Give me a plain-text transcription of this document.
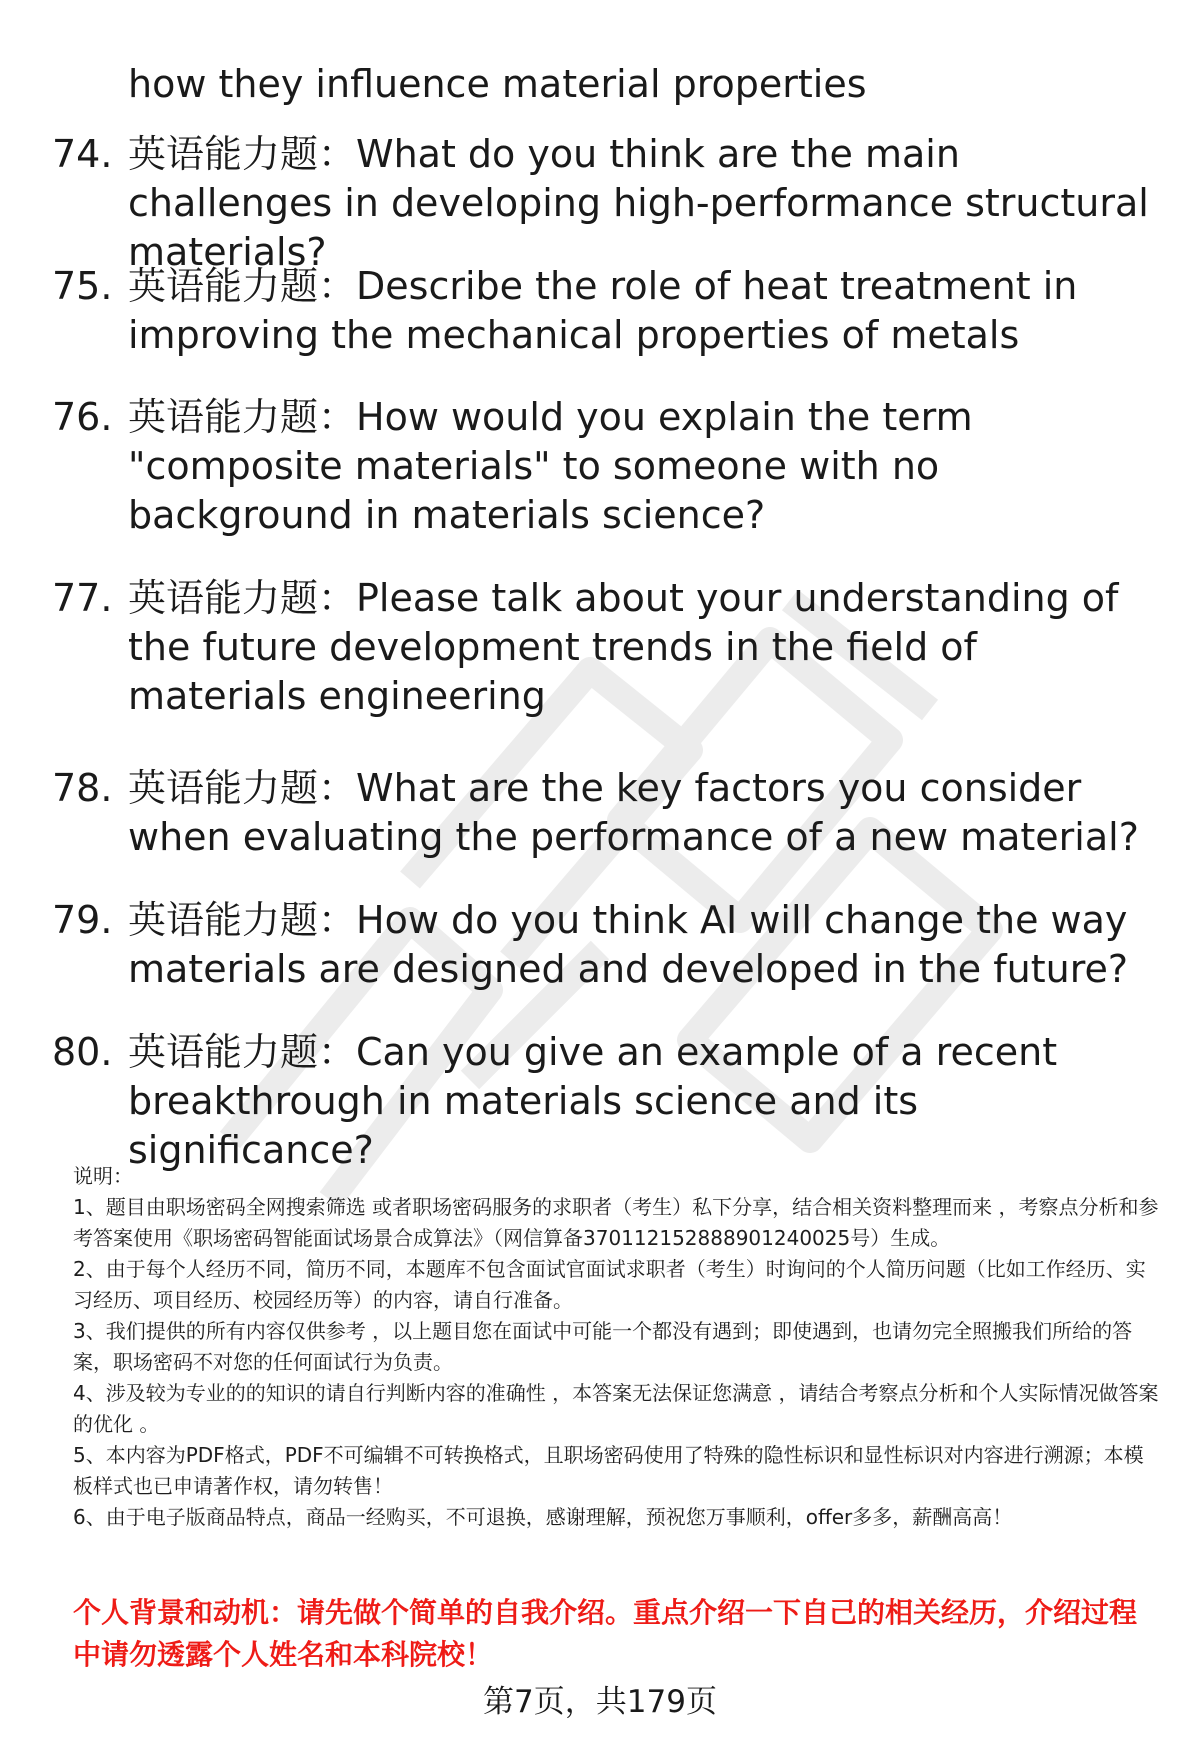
how they influence material properties
74. 英语能力题：What do you think are the main challenges in developing high-performance structural materials?
75. 英语能力题：Describe the role of heat treatment in improving the mechanical properties of metals
76. 英语能力题：How would you explain the term "composite materials" to someone with no background in materials science?
77. 英语能力题：Please talk about your understanding of the future development trends in the field of materials engineering
78. 英语能力题：What are the key factors you consider when evaluating the performance of a new material?
79. 英语能力题：How do you think AI will change the way materials are designed and developed in the future?
80. 英语能力题：Can you give an example of a recent breakthrough in materials science and its significance?
说明：
1、题目由职场密码全网搜索筛选 或者职场密码服务的求职者（考生）私下分享，结合相关资料整理而来 ，考察点分析和参考答案使用《职场密码智能面试场景合成算法》（网信算备370112152888901240025号）生成。
2、由于每个人经历不同，简历不同，本题库不包含面试官面试求职者（考生）时询问的个人简历问题（比如工作经历、实习经历、项目经历、校园经历等）的内容，请自行准备。
3、我们提供的所有内容仅供参考 ，以上题目您在面试中可能一个都没有遇到；即使遇到，也请勿完全照搬我们所给的答案，职场密码不对您的任何面试行为负责。
4、涉及较为专业的的知识的请自行判断内容的准确性 ，本答案无法保证您满意 ，请结合考察点分析和个人实际情况做答案的优化 。
5、本内容为PDF格式，PDF不可编辑不可转换格式，且职场密码使用了特殊的隐性标识和显性标识对内容进行溯源；本模板样式也已申请著作权，请勿转售！
6、由于电子版商品特点，商品一经购买，不可退换，感谢理解，预祝您万事顺利，offer多多，薪酬高高！
个人背景和动机：请先做个简单的自我介绍。重点介绍一下自己的相关经历，介绍过程中请勿透露个人姓名和本科院校！
第7页，共179页
